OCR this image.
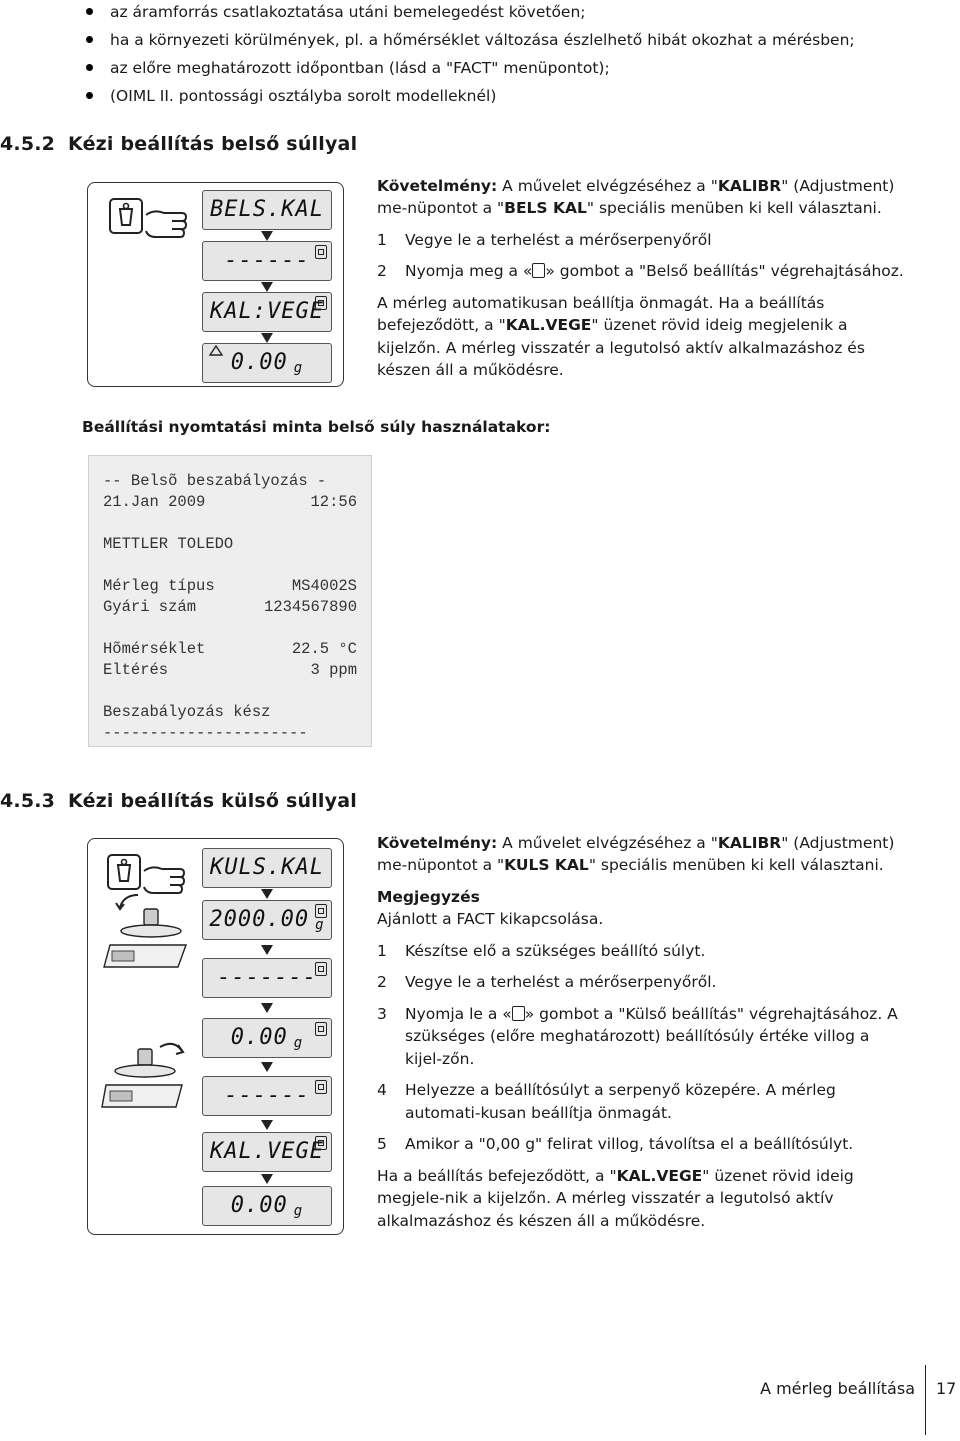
az áramforrás csatlakoztatása utáni bemelegedést követően;
ha a környezeti körülmények, pl. a hőmérséklet változása észlelhető hibát okozhat a mérésben;
az előre meghatározott időpontban (lásd a "FACT" menüpontot);
(OIML II. pontossági osztályba sorolt modelleknél)
4.5.2 Kézi beállítás belső súllyal
BELS.KAL
------
KAL:VEGE
0.00 g

Követelmény: A művelet elvégzéséhez a "KALIBR" (Adjustment) me-nüpontot a "BELS KAL" speciális menüben ki kell választani.

1 Vegye le a terhelést a mérőserpenyőről
2 Nyomja meg a « » gombot a "Belső beállítás" végrehajtásához.

A mérleg automatikusan beállítja önmagát. Ha a beállítás befejeződött, a "KAL.VEGE" üzenet rövid ideig megjelenik a kijelzőn. A mérleg visszatér a legutolsó aktív alkalmazáshoz és készen áll a működésre.

Beállítási nyomtatási minta belső súly használatakor:
-- Belsõ beszabályozás -
21.Jan 2009	12:56
METTLER TOLEDO
Mérleg típus	MS4002S
Gyári szám	1234567890
Hõmérséklet	22.5 °C
Eltérés	3 ppm
Beszabályozás kész
----------------------
4.5.3 Kézi beállítás külső súllyal
KULS.KAL
2000.00 g
-------
0.00 g
------
KAL.VEGE
0.00 g

Követelmény: A művelet elvégzéséhez a "KALIBR" (Adjustment) me-nüpontot a "KULS KAL" speciális menüben ki kell választani.

Megjegyzés

Ajánlott a FACT kikapcsolása.

1 Készítse elő a szükséges beállító súlyt.
2 Vegye le a terhelést a mérőserpenyőről.
3 Nyomja le a « » gombot a "Külső beállítás" végrehajtásához. A szükséges (előre meghatározott) beállítósúly értéke villog a kijel-zőn.
4 Helyezze a beállítósúlyt a serpenyő közepére. A mérleg automati-kusan beállítja önmagát.
5 Amikor a "0,00 g" felirat villog, távolítsa el a beállítósúlyt.

Ha a beállítás befejeződött, a "KAL.VEGE" üzenet rövid ideig megjele-nik a kijelzőn. A mérleg visszatér a legutolsó aktív alkalmazáshoz és készen áll a működésre.

A mérleg beállítása 17
